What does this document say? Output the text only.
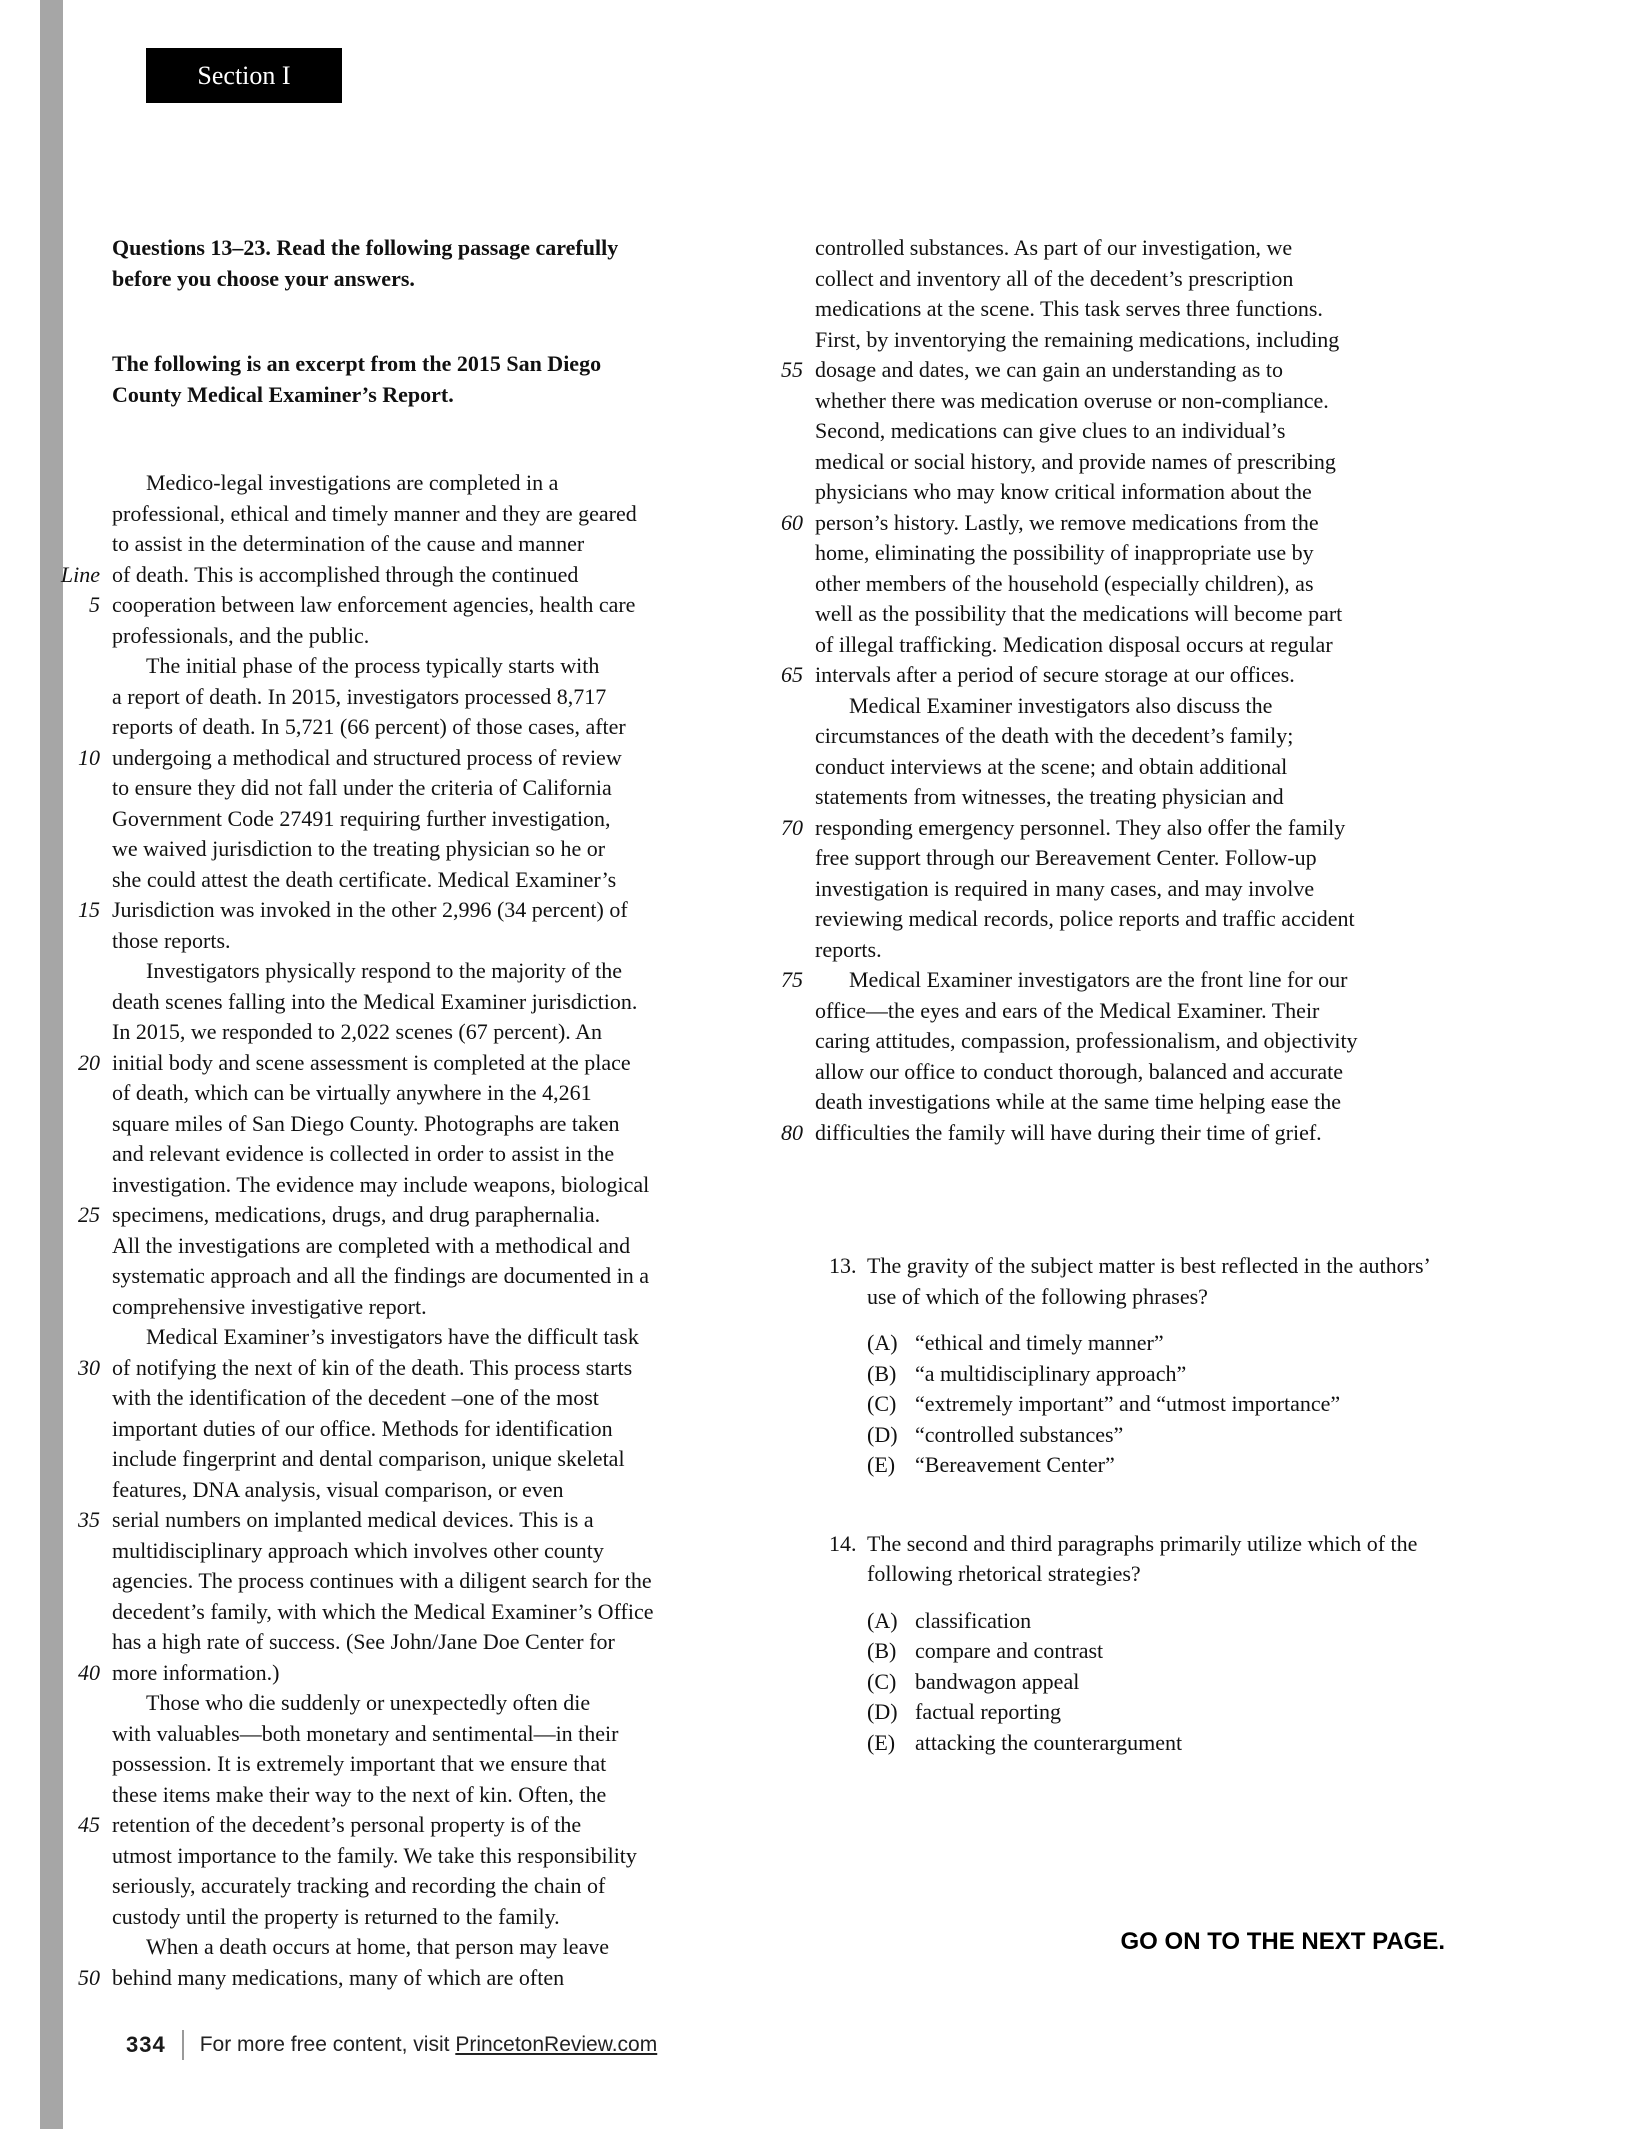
Section I
Questions 13–23. Read the following passage carefully
before you choose your answers.
The following is an excerpt from the 2015 San Diego
County Medical Examiner’s Report.
Medico-legal investigations are completed in a
professional, ethical and timely manner and they are geared
to assist in the determination of the cause and manner
Line of death. This is accomplished through the continued
5 cooperation between law enforcement agencies, health care
professionals, and the public.
The initial phase of the process typically starts with
a report of death. In 2015, investigators processed 8,717
reports of death. In 5,721 (66 percent) of those cases, after
10 undergoing a methodical and structured process of review
to ensure they did not fall under the criteria of California
Government Code 27491 requiring further investigation,
we waived jurisdiction to the treating physician so he or
she could attest the death certificate. Medical Examiner’s
15 Jurisdiction was invoked in the other 2,996 (34 percent) of
those reports.
Investigators physically respond to the majority of the
death scenes falling into the Medical Examiner jurisdiction.
In 2015, we responded to 2,022 scenes (67 percent). An
20 initial body and scene assessment is completed at the place
of death, which can be virtually anywhere in the 4,261
square miles of San Diego County. Photographs are taken
and relevant evidence is collected in order to assist in the
investigation. The evidence may include weapons, biological
25 specimens, medications, drugs, and drug paraphernalia.
All the investigations are completed with a methodical and
systematic approach and all the findings are documented in a
comprehensive investigative report.
Medical Examiner’s investigators have the difficult task
30 of notifying the next of kin of the death. This process starts
with the identification of the decedent –one of the most
important duties of our office. Methods for identification
include fingerprint and dental comparison, unique skeletal
features, DNA analysis, visual comparison, or even
35 serial numbers on implanted medical devices. This is a
multidisciplinary approach which involves other county
agencies. The process continues with a diligent search for the
decedent’s family, with which the Medical Examiner’s Office
has a high rate of success. (See John/Jane Doe Center for
40 more information.)
Those who die suddenly or unexpectedly often die
with valuables—both monetary and sentimental—in their
possession. It is extremely important that we ensure that
these items make their way to the next of kin. Often, the
45 retention of the decedent’s personal property is of the
utmost importance to the family. We take this responsibility
seriously, accurately tracking and recording the chain of
custody until the property is returned to the family.
When a death occurs at home, that person may leave
50 behind many medications, many of which are often
controlled substances. As part of our investigation, we
collect and inventory all of the decedent’s prescription
medications at the scene. This task serves three functions.
First, by inventorying the remaining medications, including
55 dosage and dates, we can gain an understanding as to
whether there was medication overuse or non-compliance.
Second, medications can give clues to an individual’s
medical or social history, and provide names of prescribing
physicians who may know critical information about the
60 person’s history. Lastly, we remove medications from the
home, eliminating the possibility of inappropriate use by
other members of the household (especially children), as
well as the possibility that the medications will become part
of illegal trafficking. Medication disposal occurs at regular
65 intervals after a period of secure storage at our offices.
Medical Examiner investigators also discuss the
circumstances of the death with the decedent’s family;
conduct interviews at the scene; and obtain additional
statements from witnesses, the treating physician and
70 responding emergency personnel. They also offer the family
free support through our Bereavement Center. Follow-up
investigation is required in many cases, and may involve
reviewing medical records, police reports and traffic accident
reports.
75 Medical Examiner investigators are the front line for our
office—the eyes and ears of the Medical Examiner. Their
caring attitudes, compassion, professionalism, and objectivity
allow our office to conduct thorough, balanced and accurate
death investigations while at the same time helping ease the
80 difficulties the family will have during their time of grief.
13. The gravity of the subject matter is best reflected in the authors’ use of which of the following phrases?
(A) “ethical and timely manner”
(B) “a multidisciplinary approach”
(C) “extremely important” and “utmost importance”
(D) “controlled substances”
(E) “Bereavement Center”
14. The second and third paragraphs primarily utilize which of the following rhetorical strategies?
(A) classification
(B) compare and contrast
(C) bandwagon appeal
(D) factual reporting
(E) attacking the counterargument
GO ON TO THE NEXT PAGE.
334 For more free content, visit PrincetonReview.com
